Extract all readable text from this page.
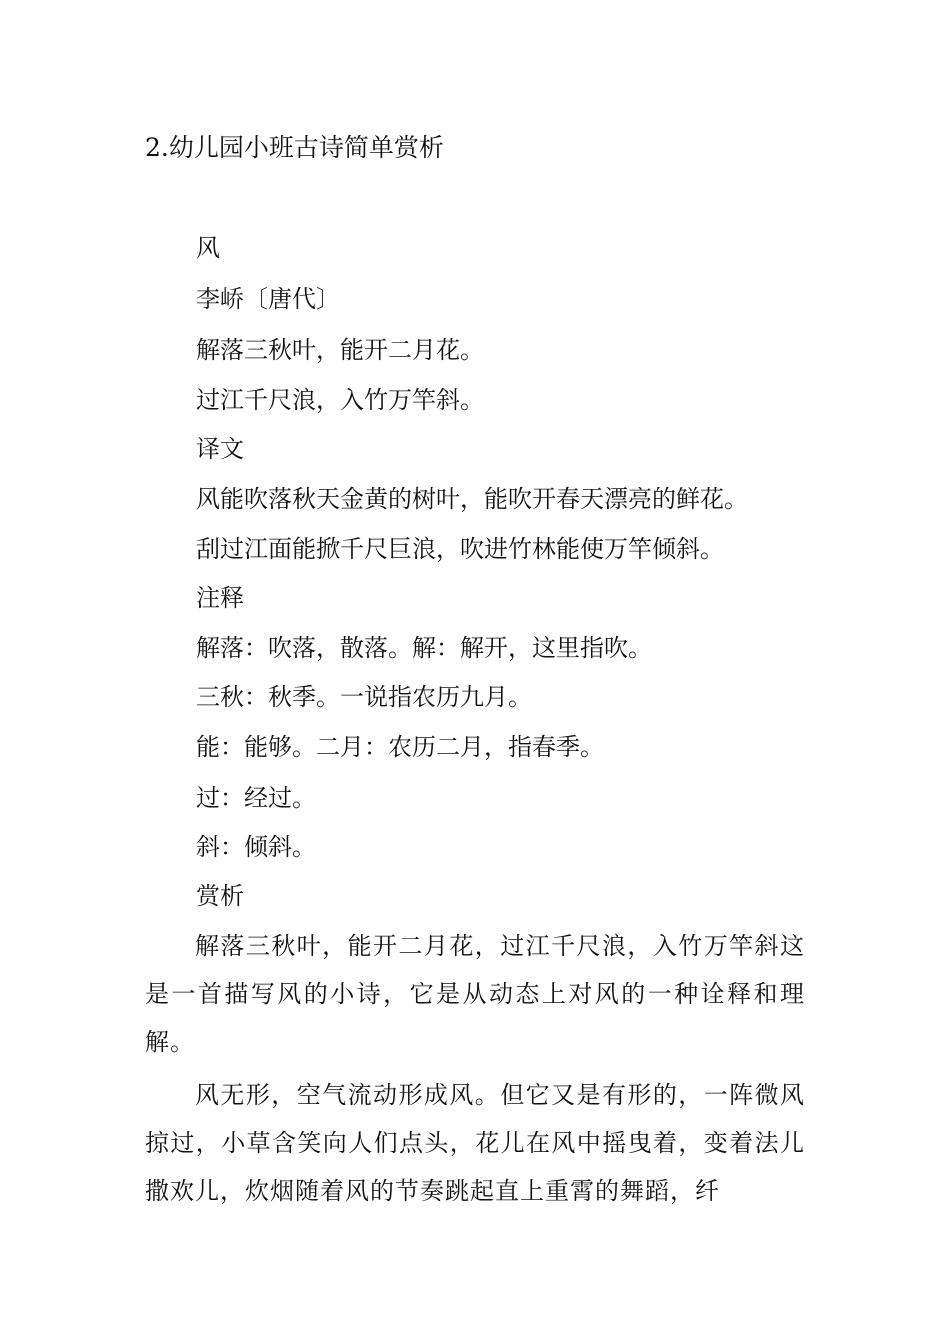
2.幼儿园小班古诗简单赏析
风
李峤〔唐代〕
解落三秋叶，能开二月花。
过江千尺浪，入竹万竿斜。
译文
风能吹落秋天金黄的树叶，能吹开春天漂亮的鲜花。
刮过江面能掀千尺巨浪，吹进竹林能使万竿倾斜。
注释
解落：吹落，散落。解：解开，这里指吹。
三秋：秋季。一说指农历九月。
能：能够。二月：农历二月，指春季。
过：经过。
斜：倾斜。
赏析
解落三秋叶，能开二月花，过江千尺浪，入竹万竿斜这是一首描写风的小诗，它是从动态上对风的一种诠释和理解。
风无形，空气流动形成风。但它又是有形的，一阵微风掠过，小草含笑向人们点头，花儿在风中摇曳着，变着法儿撒欢儿，炊烟随着风的节奏跳起直上重霄的舞蹈，纤
